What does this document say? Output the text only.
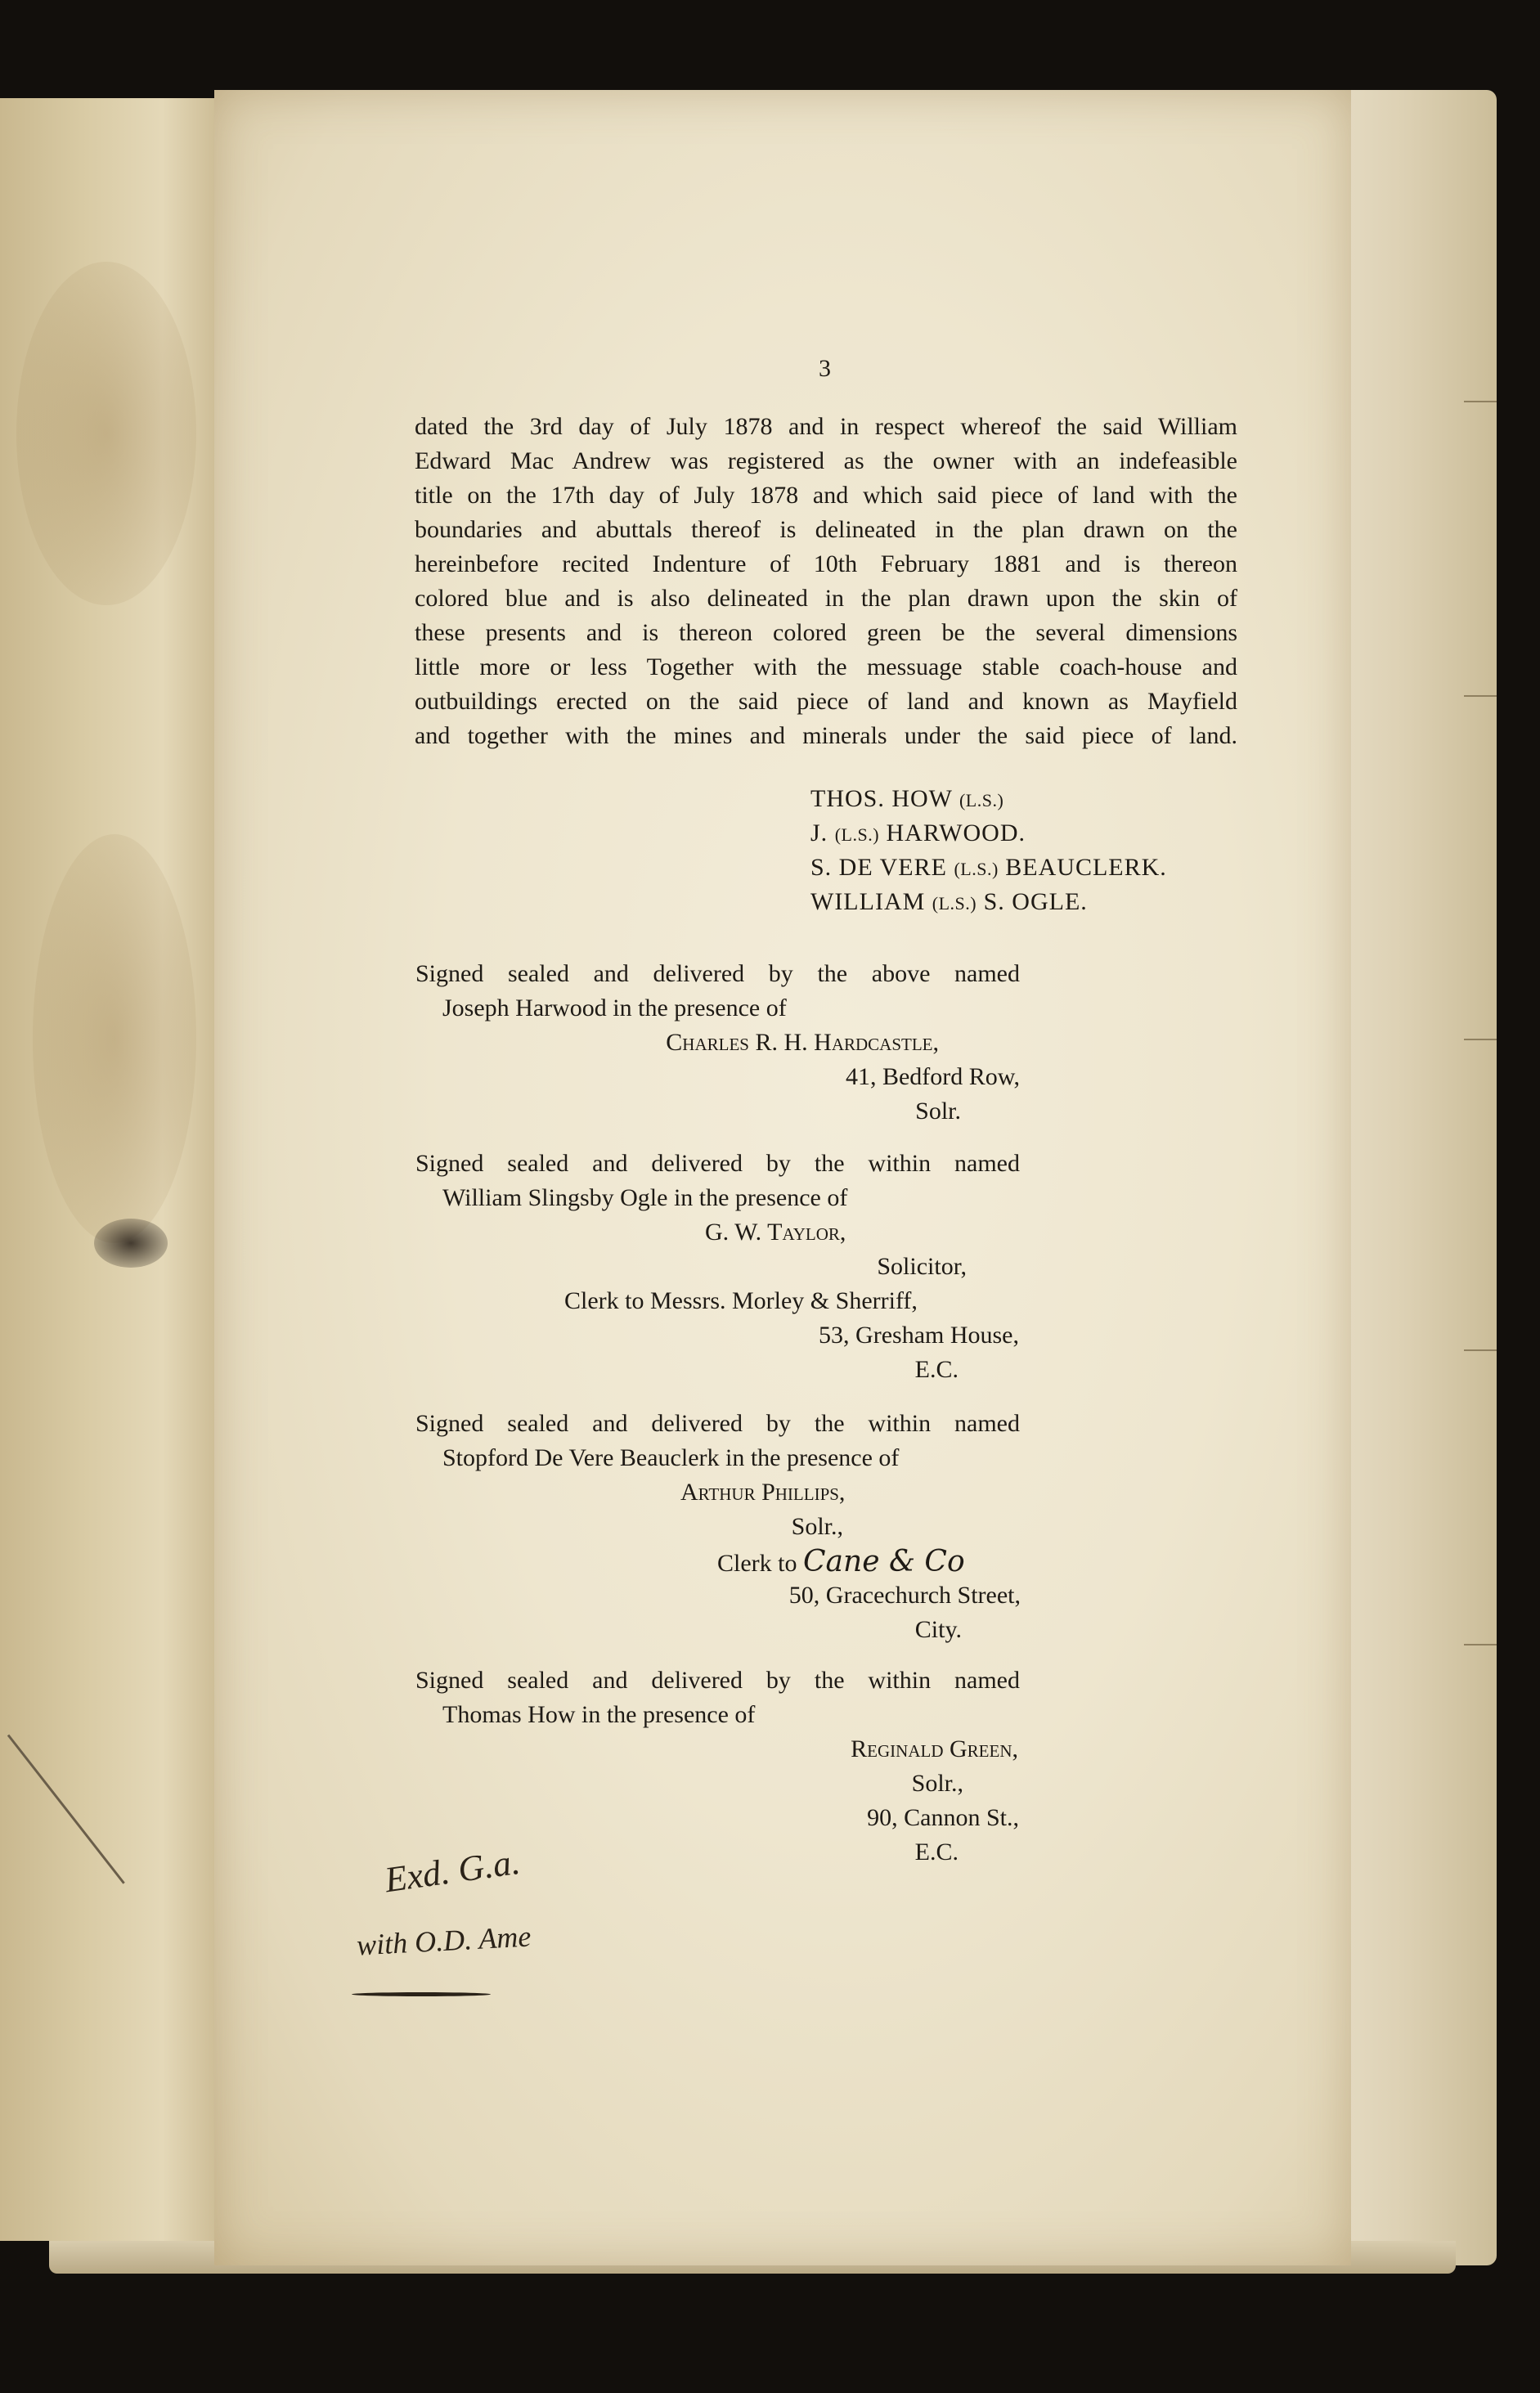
3
dated the 3rd day of July 1878 and in respect whereof the said William
Edward Mac Andrew was registered as the owner with an indefeasible
title on the 17th day of July 1878 and which said piece of land with the
boundaries and abuttals thereof is delineated in the plan drawn on the
hereinbefore recited Indenture of 10th February 1881 and is thereon
colored blue and is also delineated in the plan drawn upon the skin of
these presents and is thereon colored green be the several dimensions
little more or less Together with the messuage stable coach-house and
outbuildings erected on the said piece of land and known as Mayfield
and together with the mines and minerals under the said piece of land.
THOS. HOW (L.S.)
J. (L.S.) HARWOOD.
S. DE VERE (L.S.) BEAUCLERK.
WILLIAM (L.S.) S. OGLE.
Signed sealed and delivered by the above named
Joseph Harwood in the presence of
Charles R. H. Hardcastle,
41, Bedford Row,
Solr.
Signed sealed and delivered by the within named
William Slingsby Ogle in the presence of
G. W. Taylor,
Solicitor,
Clerk to Messrs. Morley & Sherriff,
53, Gresham House,
E.C.
Signed sealed and delivered by the within named
Stopford De Vere Beauclerk in the presence of
Arthur Phillips,
Solr.,
Clerk to Cane & Co
50, Gracechurch Street,
City.
Signed sealed and delivered by the within named
Thomas How in the presence of
Reginald Green,
Solr.,
90, Cannon St.,
E.C.
Exd. G.a.
with O.D. Ame
